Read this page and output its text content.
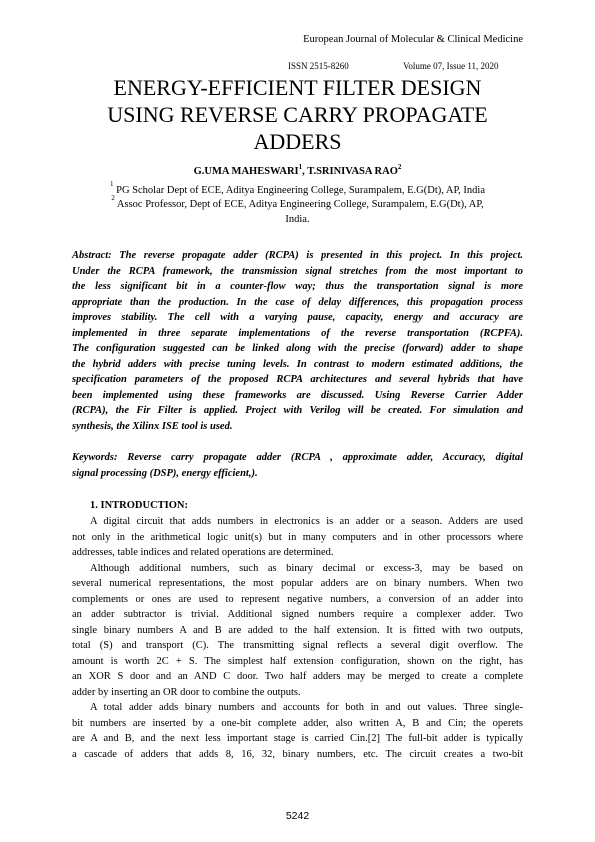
European Journal of Molecular & Clinical Medicine
ISSN 2515-8260	Volume 07, Issue 11, 2020
ENERGY-EFFICIENT FILTER DESIGN
USING REVERSE CARRY PROPAGATE
ADDERS
G.UMA MAHESWARI$^1$, T.SRINIVASA RAO$^2$
$^1$ PG Scholar Dept of ECE, Aditya Engineering College, Surampalem, E.G(Dt), AP, India
$^2$ Assoc Professor, Dept of ECE, Aditya Engineering College, Surampalem, E.G(Dt), AP,
India.
Abstract: The reverse propagate adder (RCPA) is presented in this project. In this project.
Under the RCPA framework, the transmission signal stretches from the most important to
the less significant bit in a counter-flow way; thus the transportation signal is more
appropriate than the production. In the case of delay differences, this propagation process
improves stability. The cell with a varying pause, capacity, energy and accuracy are
implemented in three separate implementations of the reverse transportation (RCPFA).
The configuration suggested can be linked along with the precise (forward) adder to shape
the hybrid adders with precise tuning levels. In contrast to modern estimated additions, the
specification parameters of the proposed RCPA architectures and several hybrids that have
been implemented using these frameworks are discussed. Using Reverse Carrier Adder
(RCPA), the Fir Filter is applied. Project with Verilog will be created. For simulation and
synthesis, the Xilinx ISE tool is used.
Keywords: Reverse carry propagate adder (RCPA , approximate adder, Accuracy, digital
signal processing (DSP), energy efficient,).
1. INTRODUCTION:
A digital circuit that adds numbers in electronics is an adder or a season. Adders are used
not only in the arithmetical logic unit(s) but in many computers and in other processors where
addresses, table indices and related operations are determined.
Although additional numbers, such as binary decimal or excess-3, may be based on
several numerical representations, the most popular adders are on binary numbers. When two
complements or ones are used to represent negative numbers, a conversion of an adder into
an adder subtractor is trivial. Additional signed numbers require a complexer adder. Two
single binary numbers A and B are added to the half extension. It is fitted with two outputs,
total (S) and transport (C). The transmitting signal reflects a several digit overflow. The
amount is worth 2C + S. The simplest half extension configuration, shown on the right, has
an XOR S door and an AND C door. Two half adders may be merged to create a complete
adder by inserting an OR door to combine the outputs.
A total adder adds binary numbers and accounts for both in and out values. Three single-
bit numbers are inserted by a one-bit complete adder, also written A, B and Cin; the operets
are A and B, and the next less important stage is carried Cin.[2] The full-bit adder is typically
a cascade of adders that adds 8, 16, 32, binary numbers, etc. The circuit creates a two-bit
5242
